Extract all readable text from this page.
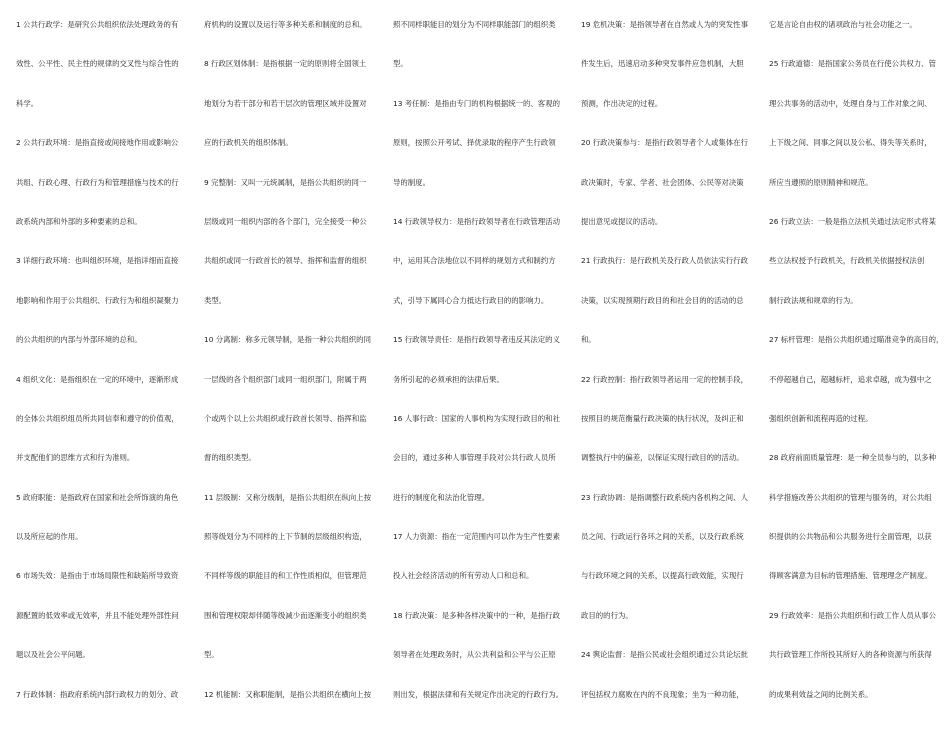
1 公共行政学：是研究公共组织依法处理政务的有
效性、公平性、民主性的规律的交叉性与综合性的
科学。
2 公共行政环境：是指直接或间接地作用或影响公
共组、行政心理、行政行为和管理措施与技术的行
政系统内部和外部的多种要素的总和。
3 详细行政环境：也叫组织环境，是指详细而直接
地影响和作用于公共组织、行政行为和组织凝聚力
的公共组织的内部与外部环境的总和。
4 组织文化：是指组织在一定的环境中，逐渐形成
的全体公共组织组员所共同信奉和遵守的价值观，
并支配他们的思维方式和行为准则。
5 政府职能：是指政府在国家和社会所饰演的角色
以及所应起的作用。
6 市场失效：是指由于市场局限性和缺陷所导致资
源配置的低效率或无效率，并且不能处理外部性问
题以及社会公平问题。
7 行政体制：指政府系统内部行政权力的划分、政
府机构的设置以及运行等多种关系和制度的总和。
8 行政区划体制：是指根据一定的原则将全国领土
地划分为若干部分和若干层次的管理区域并设置对
应的行政机关的组织体制。
9 完整制：又叫一元统属制，是指公共组织的同一
层级或同一组织内部的各个部门，完全接受一种公
共组织或同一行政首长的领导、指挥和监督的组织
类型。
10 分离制：称多元领导制，是指一种公共组织的同
一层级的各个组织部门或同一组织部门，附属于两
个或两个以上公共组织或行政首长领导、指挥和监
督的组织类型。
11 层级制：又称分级制，是指公共组织在纵向上按
照等级划分为不同样的上下节制的层级组织构造，
不同样等级的职能目的和工作性质相似，但管理范
围和管理权限却伴随等级减少而逐渐变小的组织类
型。
12 机能制：又称职能制，是指公共组织在横向上按
照不同样职能目的划分为不同样职能部门的组织类
型。
13 考任制：是指由专门的机构根据统一的、客观的
原则，按照公开考试、择优录取的程序产生行政领
导的制度。
14 行政领导权力：是指行政领导者在行政管理活动
中，运用其合法地位以不同样的规划方式和制约方
式，引导下属同心合力抵达行政目的的影响力。
15 行政领导责任：是指行政领导者违反其法定的义
务所引起的必须承担的法律后果。
16 人事行政：国家的人事机构为实现行政目的和社
会目的，通过多种人事管理手段对公共行政人员所
进行的制度化和法治化管理。
17 人力资源：指在一定范围内可以作为生产性要素
投入社会经济活动的所有劳动人口和总和。
18 行政决策：是多种各样决策中的一种，是指行政
领导者在处理政务时，从公共利益和公平与公正原
则出发，根据法律和有关规定作出决定的行政行为。
19 危机决策：是指领导者在自然或人为的突发性事
件发生后，迅速启动多种突发事件应急机制，大胆
预测，作出决定的过程。
20 行政决策参与：是指行政领导者个人或集体在行
政决策时，专家、学者、社会团体、公民等对决策
提出意见或提议的活动。
21 行政执行：是行政机关及行政人员依法实行行政
决策，以实现预期行政目的和社会目的的活动的总
和。
22 行政控制：指行政领导者运用一定的控制手段，
按照目的规范衡量行政决策的执行状况，及纠正和
调整执行中的偏差，以保证实现行政目的的活动。
23 行政协调：是指调整行政系统内各机构之间、人
员之间、行政运行各环之间的关系，以及行政系统
与行政环境之间的关系，以提高行政效能，实现行
政目的的行为。
24 舆论监督：是指公民或社会组织通过公共论坛批
评包括权力腐败在内的不良现象；坐为一种功能，
它是言论自由权的诸项政治与社会功能之一。
25 行政道德：是指国家公务员在行使公共权力、管
理公共事务的活动中，处理自身与工作对象之间、
上下级之间、同事之间以及公私、得失等关系时，
所应当遵照的原则精神和规范。
26 行政立法：一般是指立法机关通过法定形式将某
些立法权授予行政机关，行政机关依据授权法创
制行政法规和规章的行为。
27 标杆管理：是指公共组织通过瞄准竞争的高目的，
不停超越自己，超越标杆，追求卓越，成为强中之
强组织创新和流程再造的过程。
28 政府前面质量管理：是一种全员参与的，以多种
科学措施改善公共组织的管理与服务的，对公共组
织提供的公共物品和公共服务进行全面管理，以获
得顾客满意为目标的管理措施、管理理念产制度。
29 行政效率：是指公共组织和行政工作人员从事公
共行政管理工作所投其所好入的各种资源与所获得
的成果利效益之间的比例关系。
